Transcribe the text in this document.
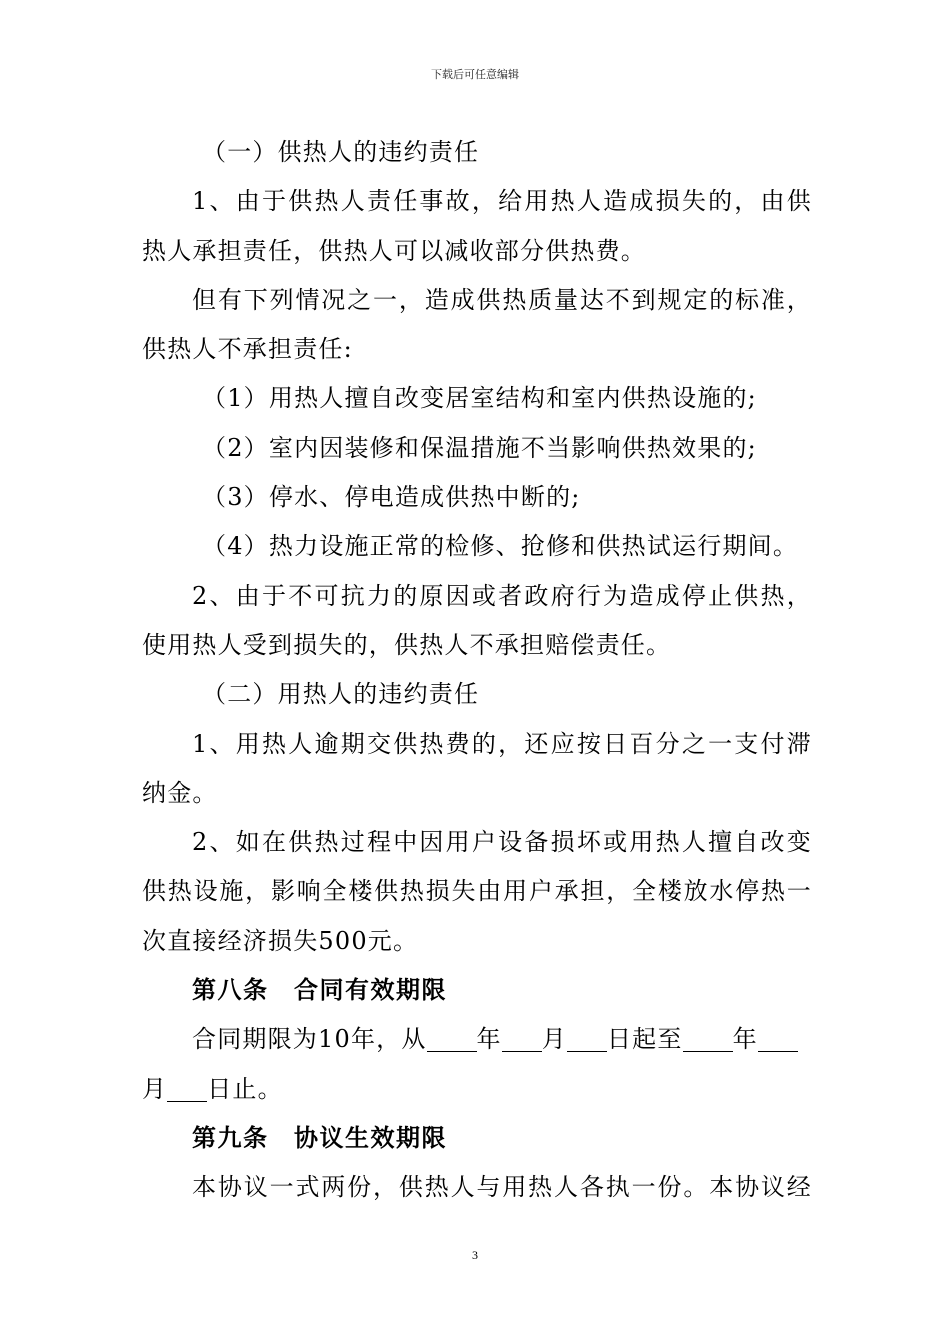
下载后可任意编辑
（一）供热人的违约责任
1、由于供热人责任事故，给用热人造成损失的，由供
热人承担责任，供热人可以减收部分供热费。
但有下列情况之一，造成供热质量达不到规定的标准，
供热人不承担责任:
（1）用热人擅自改变居室结构和室内供热设施的;
（2）室内因装修和保温措施不当影响供热效果的;
（3）停水、停电造成供热中断的;
（4）热力设施正常的检修、抢修和供热试运行期间。
2、由于不可抗力的原因或者政府行为造成停止供热，
使用热人受到损失的，供热人不承担赔偿责任。
（二）用热人的违约责任
1、用热人逾期交供热费的，还应按日百分之一支付滞
纳金。
2、如在供热过程中因用户设备损坏或用热人擅自改变
供热设施，影响全楼供热损失由用户承担，全楼放水停热一
次直接经济损失500元。
第八条　合同有效期限
合同期限为10年，从 年 月 日起至 年
月 日止。
第九条　协议生效期限
本协议一式两份，供热人与用热人各执一份。本协议经
3
